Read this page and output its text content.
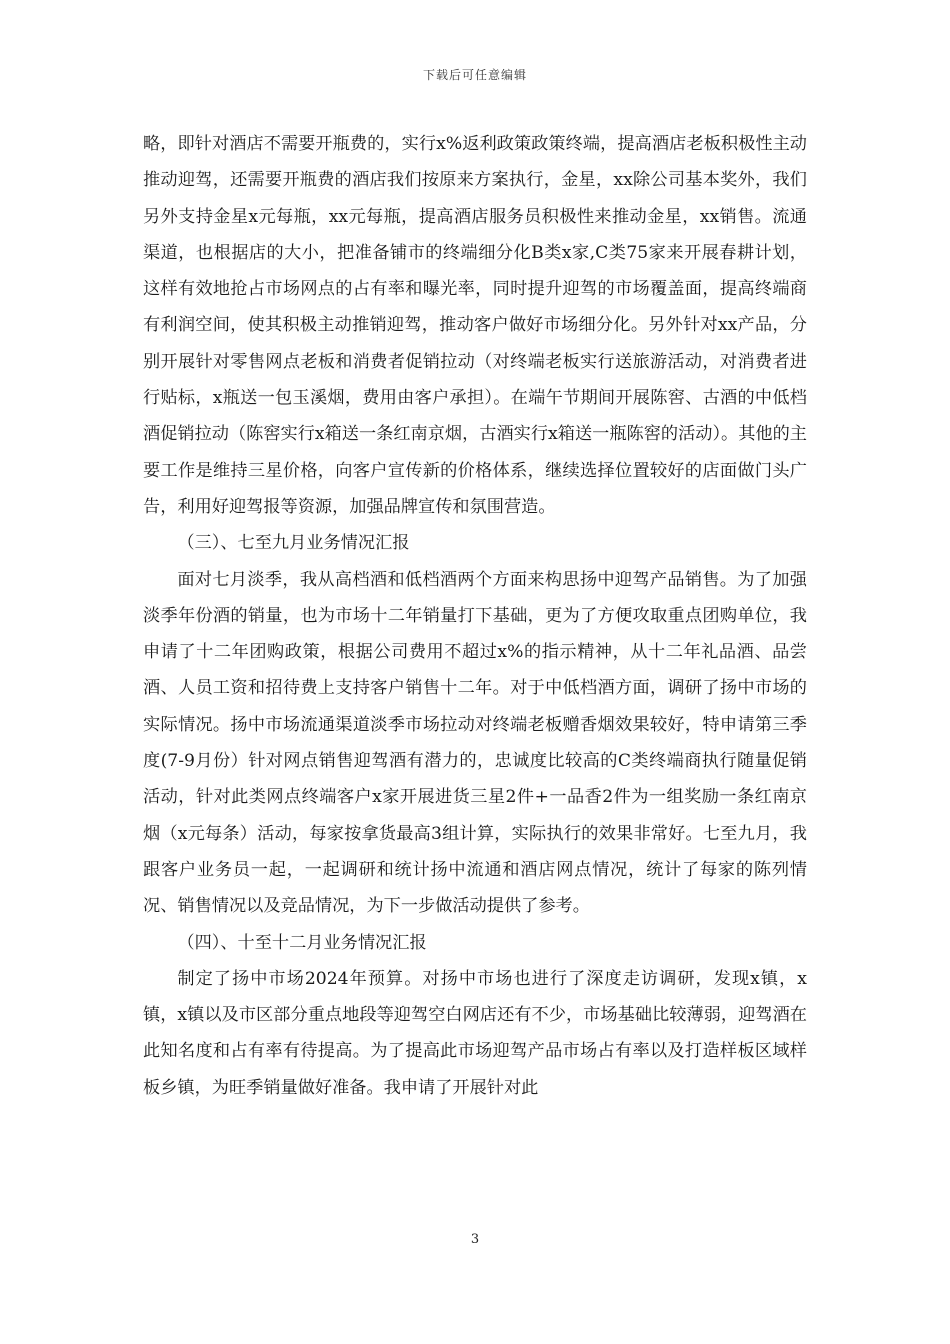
下载后可任意编辑

略，即针对酒店不需要开瓶费的，实行x%返利政策政策终端，提高酒店老板积极性主动推动迎驾，还需要开瓶费的酒店我们按原来方案执行，金星，xx除公司基本奖外，我们另外支持金星x元每瓶，xx元每瓶，提高酒店服务员积极性来推动金星，xx销售。流通渠道，也根据店的大小，把准备铺市的终端细分化B类x家,C类75家来开展春耕计划，这样有效地抢占市场网点的占有率和曝光率，同时提升迎驾的市场覆盖面，提高终端商有利润空间，使其积极主动推销迎驾，推动客户做好市场细分化。另外针对xx产品，分别开展针对零售网点老板和消费者促销拉动（对终端老板实行送旅游活动，对消费者进行贴标，x瓶送一包玉溪烟，费用由客户承担）。在端午节期间开展陈窖、古酒的中低档酒促销拉动（陈窖实行x箱送一条红南京烟，古酒实行x箱送一瓶陈窖的活动）。其他的主要工作是维持三星价格，向客户宣传新的价格体系，继续选择位置较好的店面做门头广告，利用好迎驾报等资源，加强品牌宣传和氛围营造。

（三）、七至九月业务情况汇报

面对七月淡季，我从高档酒和低档酒两个方面来构思扬中迎驾产品销售。为了加强淡季年份酒的销量，也为市场十二年销量打下基础，更为了方便攻取重点团购单位，我申请了十二年团购政策，根据公司费用不超过x%的指示精神，从十二年礼品酒、品尝酒、人员工资和招待费上支持客户销售十二年。对于中低档酒方面，调研了扬中市场的实际情况。扬中市场流通渠道淡季市场拉动对终端老板赠香烟效果较好，特申请第三季度(7-9月份）针对网点销售迎驾酒有潜力的，忠诚度比较高的C类终端商执行随量促销活动，针对此类网点终端客户x家开展进货三星2件+一品香2件为一组奖励一条红南京烟（x元每条）活动，每家按拿货最高3组计算，实际执行的效果非常好。七至九月，我跟客户业务员一起，一起调研和统计扬中流通和酒店网点情况，统计了每家的陈列情况、销售情况以及竞品情况，为下一步做活动提供了参考。

（四）、十至十二月业务情况汇报

制定了扬中市场2024年预算。对扬中市场也进行了深度走访调研，发现x镇，x镇，x镇以及市区部分重点地段等迎驾空白网店还有不少，市场基础比较薄弱，迎驾酒在此知名度和占有率有待提高。为了提高此市场迎驾产品市场占有率以及打造样板区域样板乡镇，为旺季销量做好准备。我申请了开展针对此

3
